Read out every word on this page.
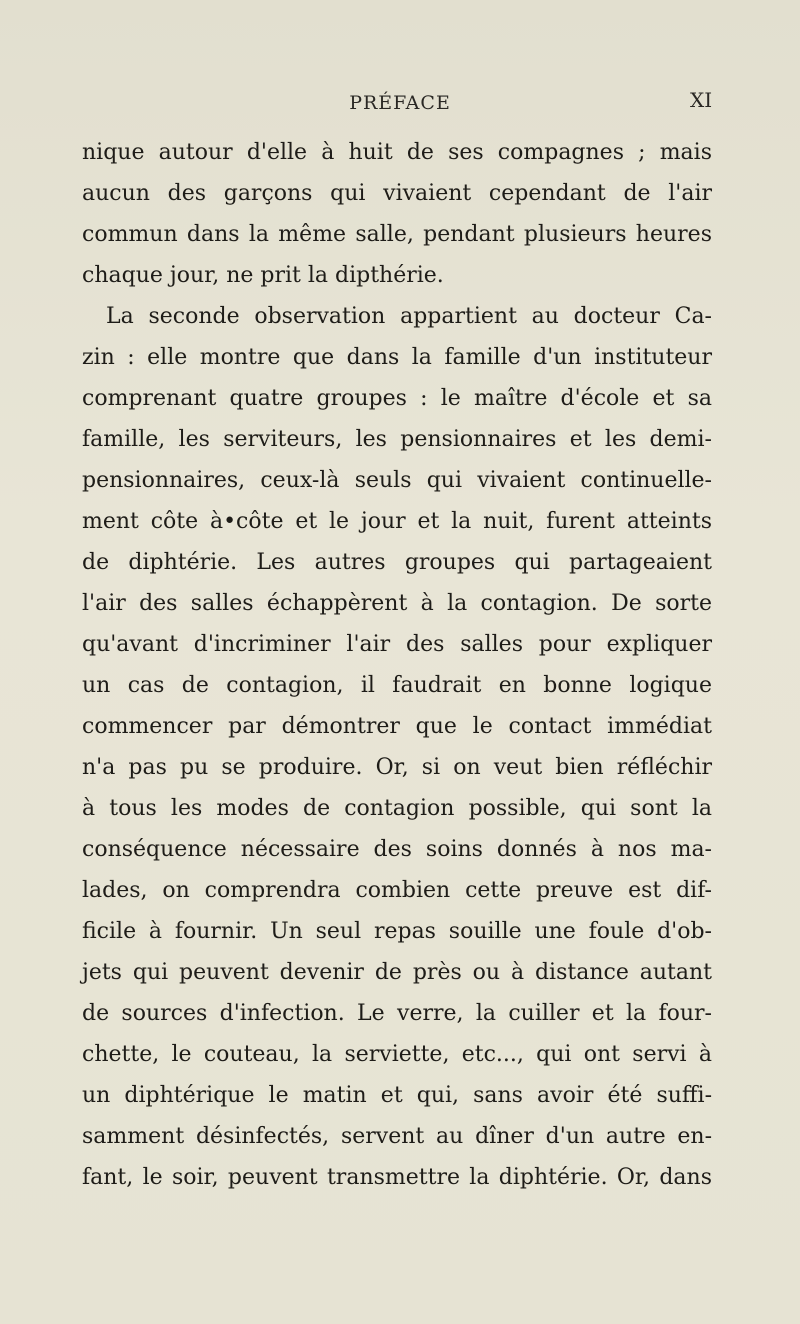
PRÉFACE	XI
nique autour d'elle à huit de ses compagnes ; mais
aucun des garçons qui vivaient cependant de l'air
commun dans la même salle, pendant plusieurs heures
chaque jour, ne prit la dipthérie.
La seconde observation appartient au docteur Ca-
zin : elle montre que dans la famille d'un instituteur
comprenant quatre groupes : le maître d'école et sa
famille, les serviteurs, les pensionnaires et les demi-
pensionnaires, ceux-là seuls qui vivaient continuelle-
ment côte à•côte et le jour et la nuit, furent atteints
de diphtérie. Les autres groupes qui partageaient
l'air des salles échappèrent à la contagion. De sorte
qu'avant d'incriminer l'air des salles pour expliquer
un cas de contagion, il faudrait en bonne logique
commencer par démontrer que le contact immédiat
n'a pas pu se produire. Or, si on veut bien réfléchir
à tous les modes de contagion possible, qui sont la
conséquence nécessaire des soins donnés à nos ma-
lades, on comprendra combien cette preuve est dif-
ficile à fournir. Un seul repas souille une foule d'ob-
jets qui peuvent devenir de près ou à distance autant
de sources d'infection. Le verre, la cuiller et la four-
chette, le couteau, la serviette, etc..., qui ont servi à
un diphtérique le matin et qui, sans avoir été suffi-
samment désinfectés, servent au dîner d'un autre en-
fant, le soir, peuvent transmettre la diphtérie. Or, dans
